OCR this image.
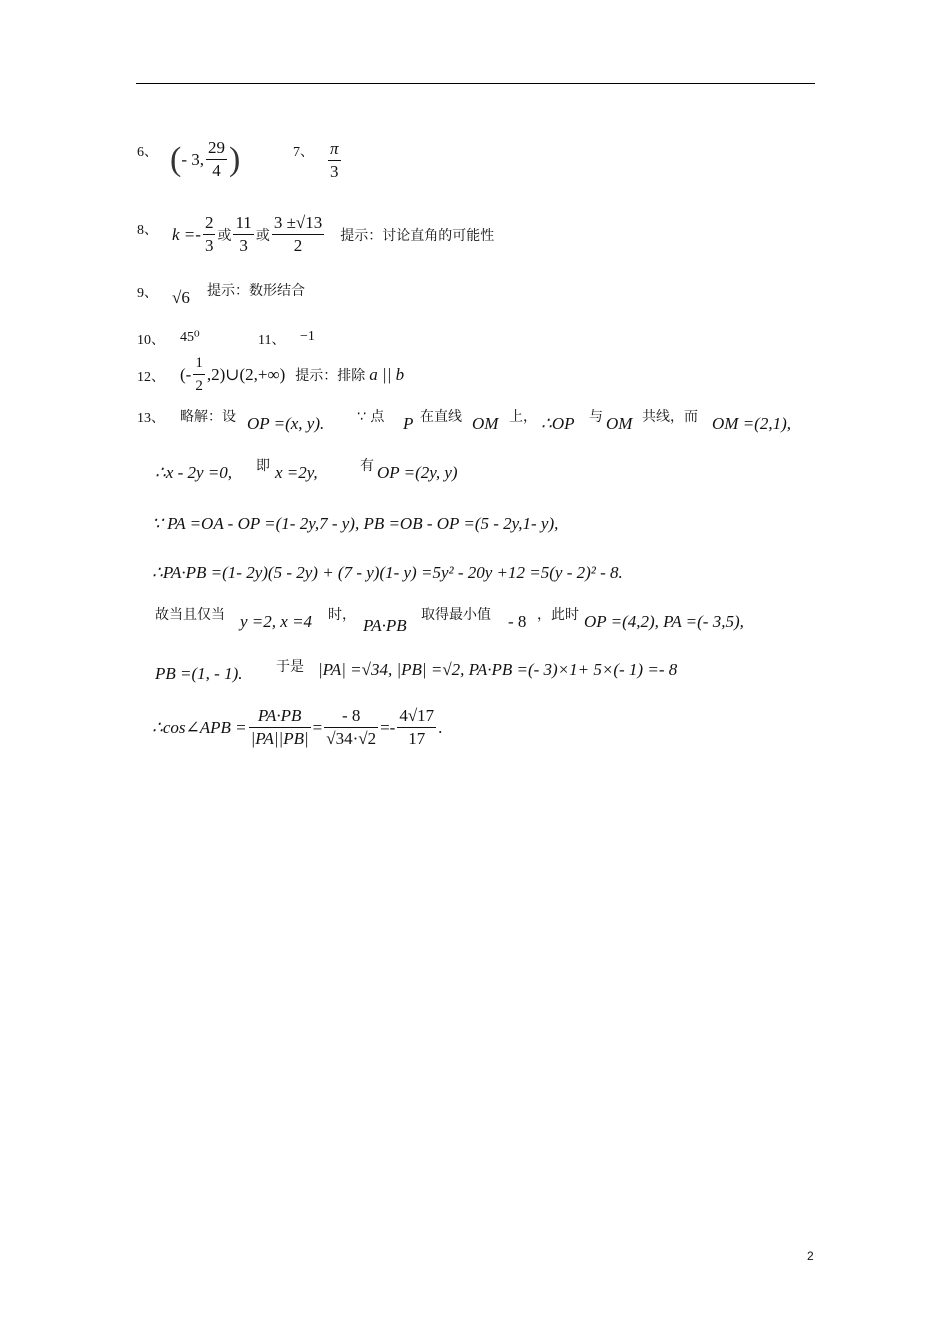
6、 ( - 3, $\frac{29}{4}$ )	7、 $\frac{\pi}{3}$
8、 $k =- \frac{2}{3}$ 或 $\frac{11}{3}$ 或 $\frac{3 \pm√13}{2}$ 提示：讨论直角的可能性
9、 √6 提示：数形结合
10、 45⁰	11、 −1
12、 (- $\frac{1}{2}$ ,2)∪(2,+∞) 提示：排除 a || b
13、 略解：设 OP =(x, y). ∵ 点 P 在直线 OM 上， ∴OP 与 OM 共线，而 OM =(2,1),
∴x - 2y =0, 即 x =2y,	有 OP =(2y, y)
∵ PA =OA - OP =(1- 2y,7 - y), PB =OB - OP =(5 - 2y,1- y),
∴PA·PB =(1- 2y)(5 - 2y) + (7 - y)(1- y) =5y² - 20y +12 =5(y - 2)² - 8.
故当且仅当 y =2, x =4 时，
PA·PB
取得最小值 - 8 ，此时 OP =(4,2), PA =(- 3,5),
PB =(1, - 1). 于是 |PA| =√34, |PB| =√2, PA·PB =(- 3)×1+ 5×(- 1) =- 8
∴cos∠APB = $\frac{PA\cdot PB}{|PA||PB|} = \frac{- 8}{√34\cdot√2} =- \frac{4√17}{17}$ .
2
